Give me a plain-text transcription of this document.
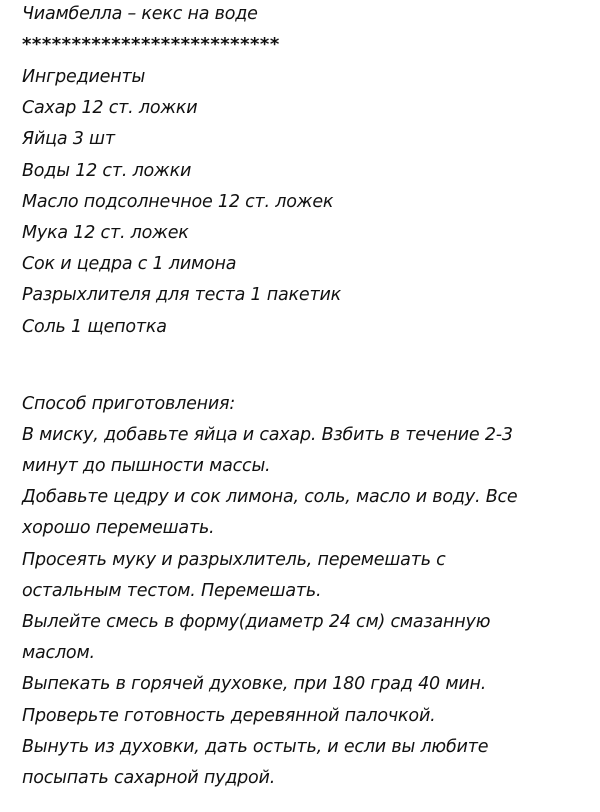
Чиамбелла – кекс на воде
**************************
Ингредиенты
Сахар 12 ст. ложки
Яйца 3 шт
Воды 12 ст. ложки
Масло подсолнечное 12 ст. ложек
Мука 12 ст. ложек
Сок и цедра с 1 лимона
Разрыхлителя для теста 1 пакетик
Соль 1 щепотка
Способ приготовления:
В миску, добавьте яйца и сахар. Взбить в течение 2-3
минут до пышности массы.
Добавьте цедру и сок лимона, соль, масло и воду. Все
хорошо перемешать.
Просеять муку и разрыхлитель, перемешать с
остальным тестом. Перемешать.
Вылейте смесь в форму(диаметр 24 см) смазанную
маслом.
Выпекать в горячей духовке, при 180 град 40 мин.
Проверьте готовность деревянной палочкой.
Вынуть из духовки, дать остыть, и если вы любите
посыпать сахарной пудрой.
